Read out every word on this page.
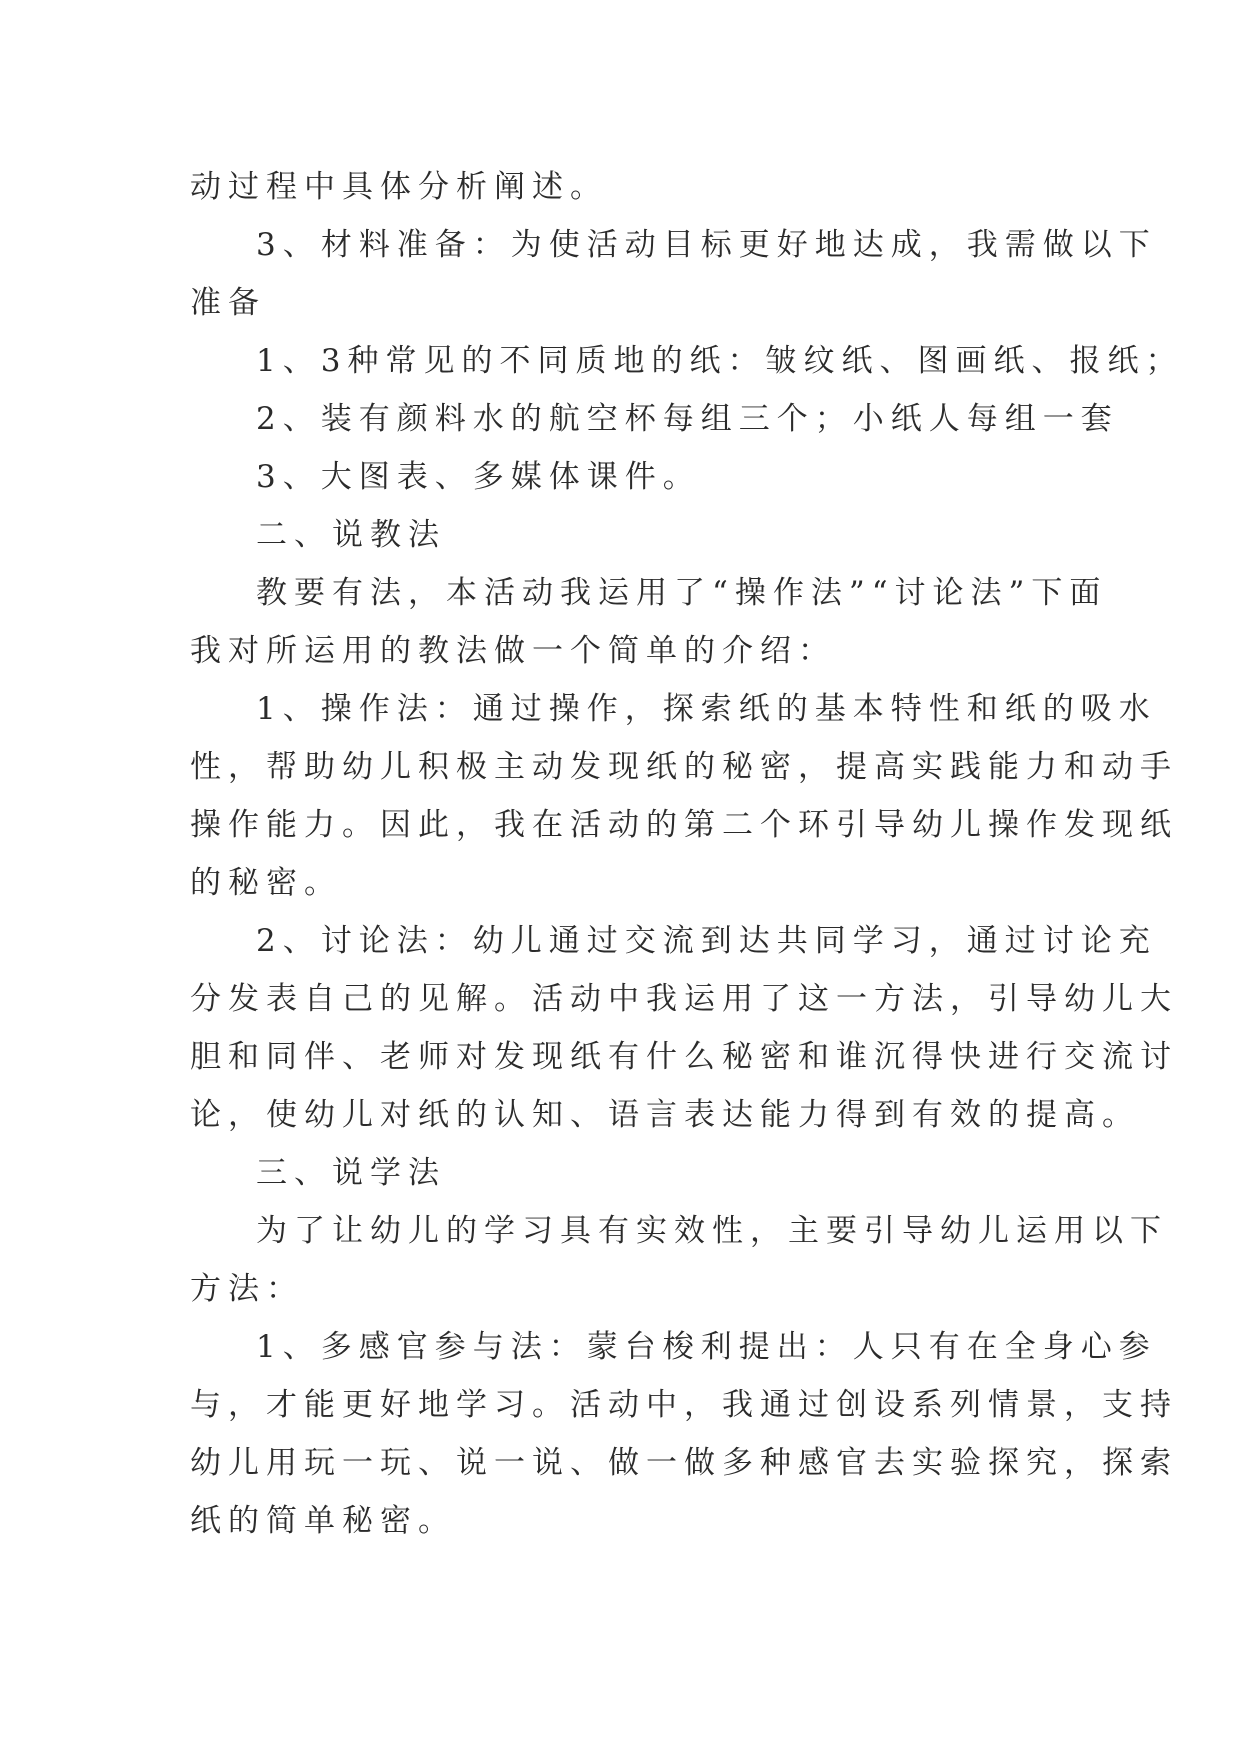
动过程中具体分析阐述。
3、材料准备：为使活动目标更好地达成，我需做以下
准备
1、3种常见的不同质地的纸：皱纹纸、图画纸、报纸；
2、装有颜料水的航空杯每组三个；小纸人每组一套
3、大图表、多媒体课件。
二、说教法
教要有法，本活动我运用了“操作法”“讨论法”下面
我对所运用的教法做一个简单的介绍：
1、操作法：通过操作，探索纸的基本特性和纸的吸水
性，帮助幼儿积极主动发现纸的秘密，提高实践能力和动手
操作能力。因此，我在活动的第二个环引导幼儿操作发现纸
的秘密。
2、讨论法：幼儿通过交流到达共同学习，通过讨论充
分发表自己的见解。活动中我运用了这一方法，引导幼儿大
胆和同伴、老师对发现纸有什么秘密和谁沉得快进行交流讨
论，使幼儿对纸的认知、语言表达能力得到有效的提高。
三、说学法
为了让幼儿的学习具有实效性，主要引导幼儿运用以下
方法：
1、多感官参与法：蒙台梭利提出：人只有在全身心参
与，才能更好地学习。活动中，我通过创设系列情景，支持
幼儿用玩一玩、说一说、做一做多种感官去实验探究，探索
纸的简单秘密。
